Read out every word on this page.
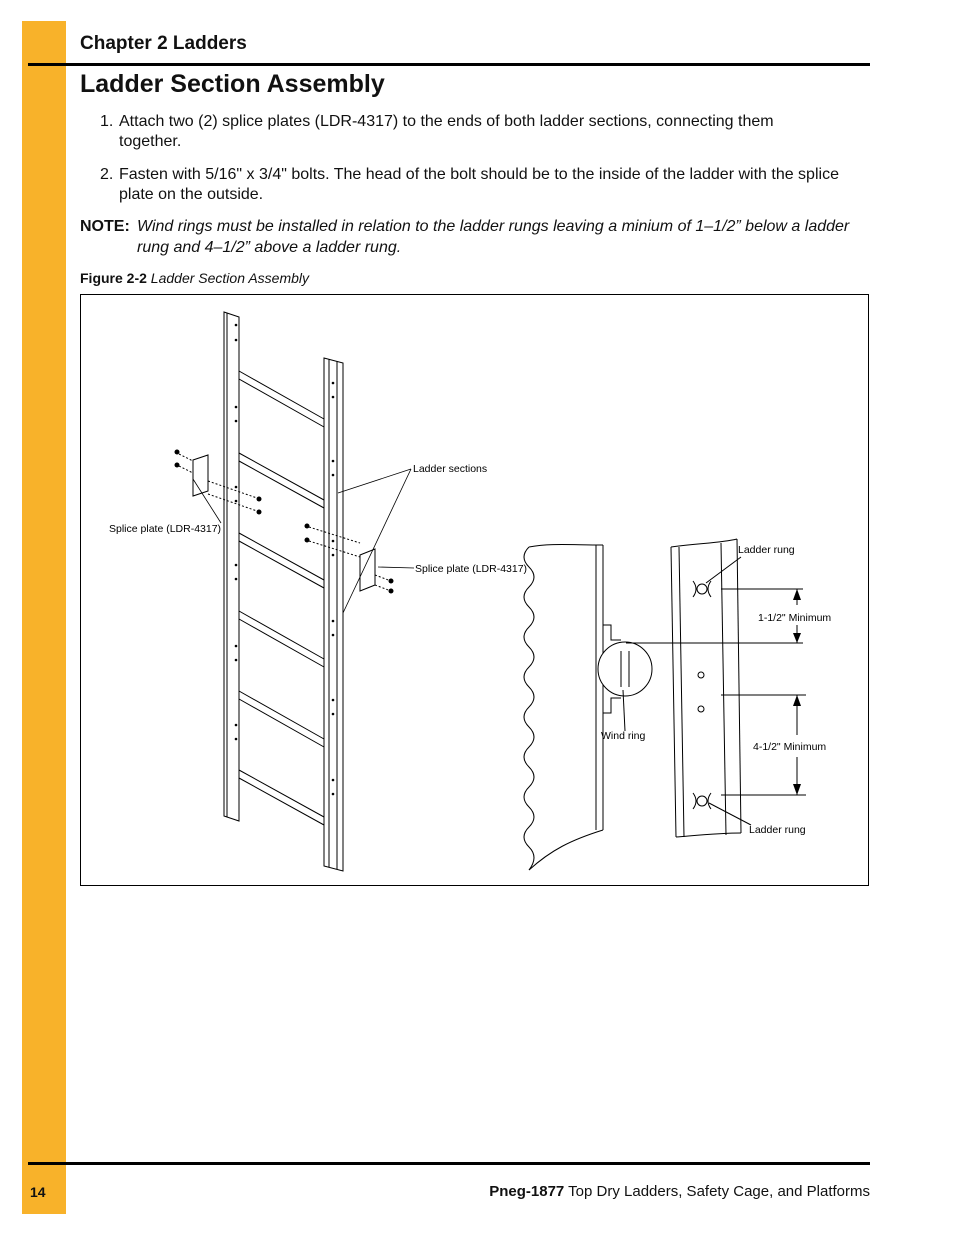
Chapter 2 Ladders
Ladder Section Assembly
1. Attach two (2) splice plates (LDR-4317) to the ends of both ladder sections, connecting them together.
2. Fasten with 5/16" x 3/4" bolts. The head of the bolt should be to the inside of the ladder with the splice plate on the outside.
NOTE: Wind rings must be installed in relation to the ladder rungs leaving a minium of 1–1/2” below a ladder rung and 4–1/2” above a ladder rung.
Figure 2-2 Ladder Section Assembly
Ladder sections
Splice plate (LDR-4317)
Splice plate (LDR-4317)
Ladder rung
1-1/2" Minimum
Wind ring
4-1/2" Minimum
Ladder rung
14	Pneg-1877 Top Dry Ladders, Safety Cage, and Platforms
